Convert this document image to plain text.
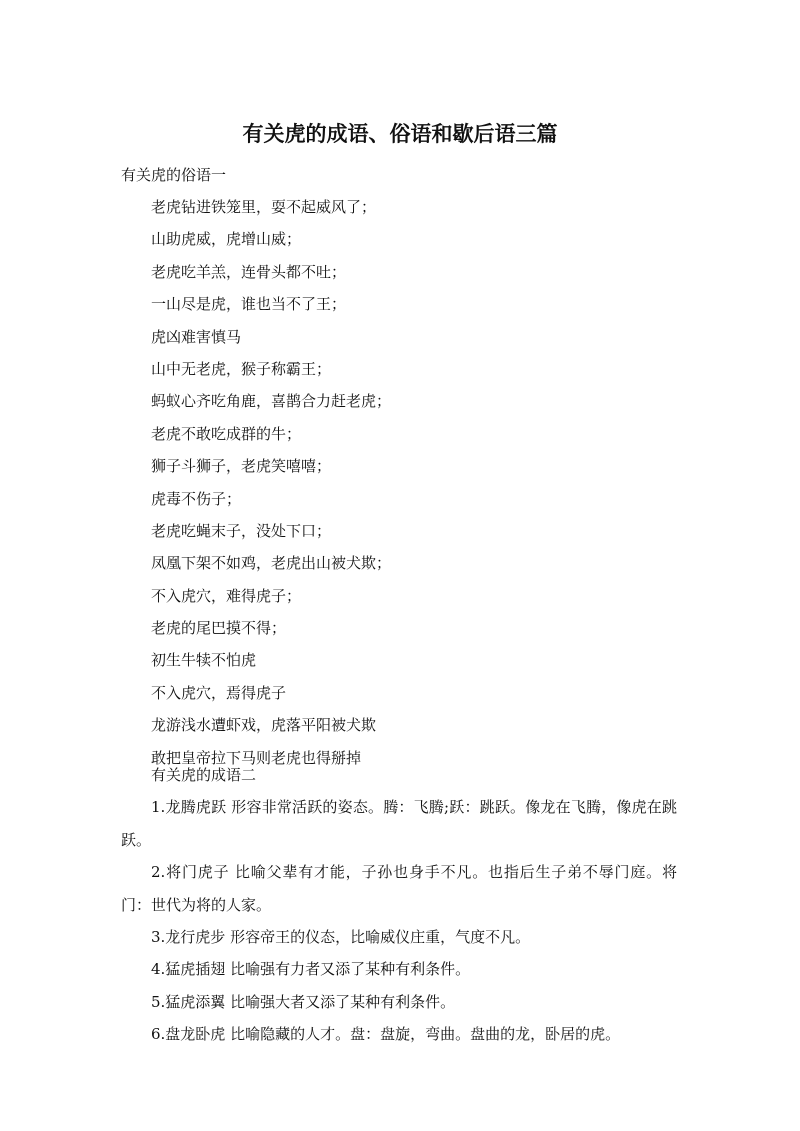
有关虎的成语、俗语和歇后语三篇

有关虎的俗语一

老虎钻进铁笼里，耍不起威风了；
山助虎威，虎增山威；
老虎吃羊羔，连骨头都不吐；
一山尽是虎，谁也当不了王；
虎凶难害慎马
山中无老虎，猴子称霸王；
蚂蚁心齐吃角鹿，喜鹊合力赶老虎；
老虎不敢吃成群的牛；
狮子斗狮子，老虎笑嘻嘻；
虎毒不伤子；
老虎吃蝇末子，没处下口；
凤凰下架不如鸡，老虎出山被犬欺；
不入虎穴，难得虎子；
老虎的尾巴摸不得；
初生牛犊不怕虎
不入虎穴，焉得虎子
龙游浅水遭虾戏，虎落平阳被犬欺
敢把皇帝拉下马则老虎也得掰掉

有关虎的成语二

1.龙腾虎跃 形容非常活跃的姿态。腾：飞腾;跃：跳跃。像龙在飞腾，像虎在跳跃。

2.将门虎子 比喻父辈有才能，子孙也身手不凡。也指后生子弟不辱门庭。将门：世代为将的人家。

3.龙行虎步 形容帝王的仪态，比喻威仪庄重，气度不凡。

4.猛虎插翅 比喻强有力者又添了某种有利条件。

5.猛虎添翼 比喻强大者又添了某种有利条件。

6.盘龙卧虎 比喻隐藏的人才。盘：盘旋，弯曲。盘曲的龙，卧居的虎。
